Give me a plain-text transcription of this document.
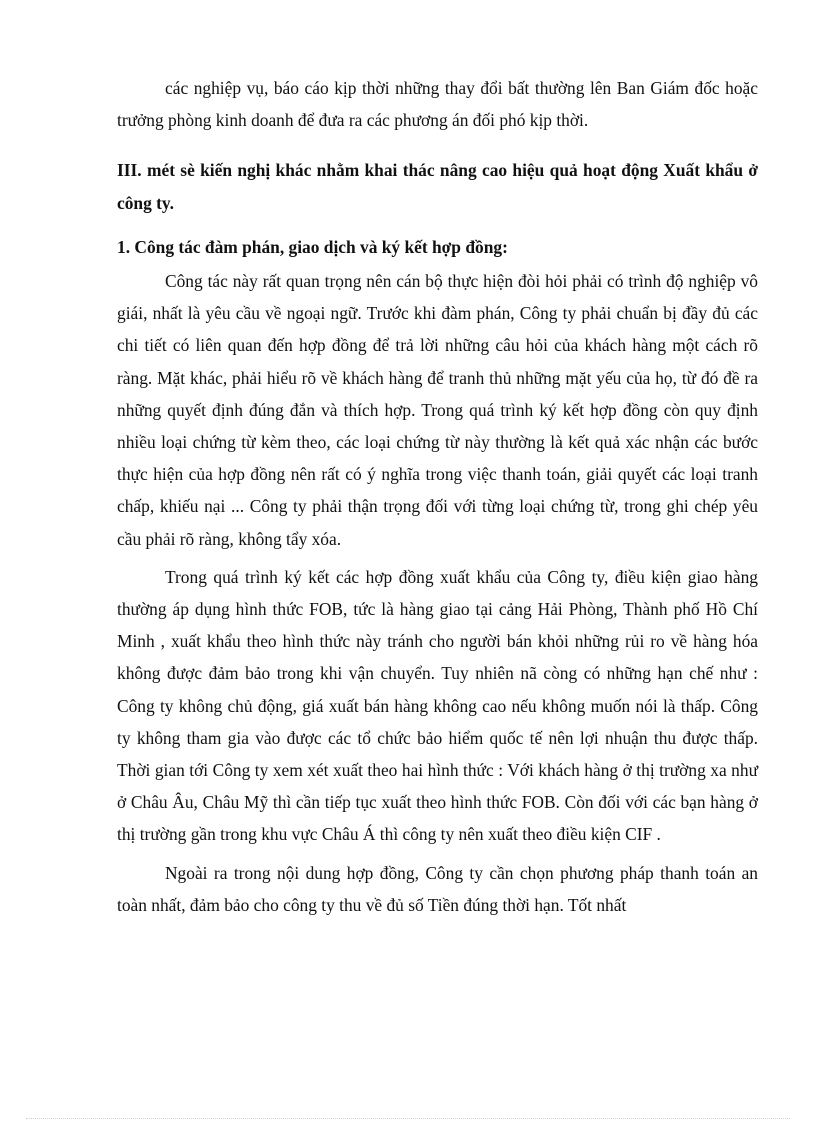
các nghiệp vụ, báo cáo kịp thời những thay đổi bất thường lên Ban Giám đốc hoặc trưởng phòng kinh doanh để đưa ra các phương án đối phó kịp thời.

III. mét sè kiến nghị khác nhằm khai thác nâng cao hiệu quả hoạt động Xuất khẩu ở công ty.

1. Công tác đàm phán, giao dịch và ký kết hợp đồng:

Công tác này rất quan trọng nên cán bộ thực hiện đòi hỏi phải có trình độ nghiệp vô giái, nhất là yêu cầu về ngoại ngữ. Trước khi đàm phán, Công ty phải chuẩn bị đầy đủ các chi tiết có liên quan đến hợp đồng để trả lời những câu hỏi của khách hàng một cách rõ ràng. Mặt khác, phải hiểu rõ về khách hàng để tranh thủ những mặt yếu của họ, từ đó đề ra những quyết định đúng đắn và thích hợp. Trong quá trình ký kết hợp đồng còn quy định nhiều loại chứng từ kèm theo, các loại chứng từ này thường là kết quả xác nhận các bước thực hiện của hợp đồng nên rất có ý nghĩa trong việc thanh toán, giải quyết các loại tranh chấp, khiếu nại ... Công ty phải thận trọng đối với từng loại chứng từ, trong ghi chép yêu cầu phải rõ ràng, không tẩy xóa.

Trong quá trình ký kết các hợp đồng xuất khẩu của Công ty, điều kiện giao hàng thường áp dụng hình thức FOB, tức là hàng giao tại cảng Hải Phòng, Thành phố Hồ Chí Minh , xuất khẩu theo hình thức này tránh cho người bán khỏi những rủi ro về hàng hóa không được đảm bảo trong khi vận chuyển. Tuy nhiên nã còng có những hạn chế như : Công ty không chủ động, giá xuất bán hàng không cao nếu không muốn nói là thấp. Công ty không tham gia vào được các tổ chức bảo hiểm quốc tế nên lợi nhuận thu được thấp. Thời gian tới Công ty xem xét xuất theo hai hình thức : Với khách hàng ở thị trường xa như ở Châu Âu, Châu Mỹ thì cần tiếp tục xuất theo hình thức FOB. Còn đối với các bạn hàng ở thị trường gần trong khu vực Châu Á thì công ty nên xuất theo điều kiện CIF .

Ngoài ra trong nội dung hợp đồng, Công ty cần chọn phương pháp thanh toán an toàn nhất, đảm bảo cho công ty thu về đủ số Tiền đúng thời hạn. Tốt nhất
